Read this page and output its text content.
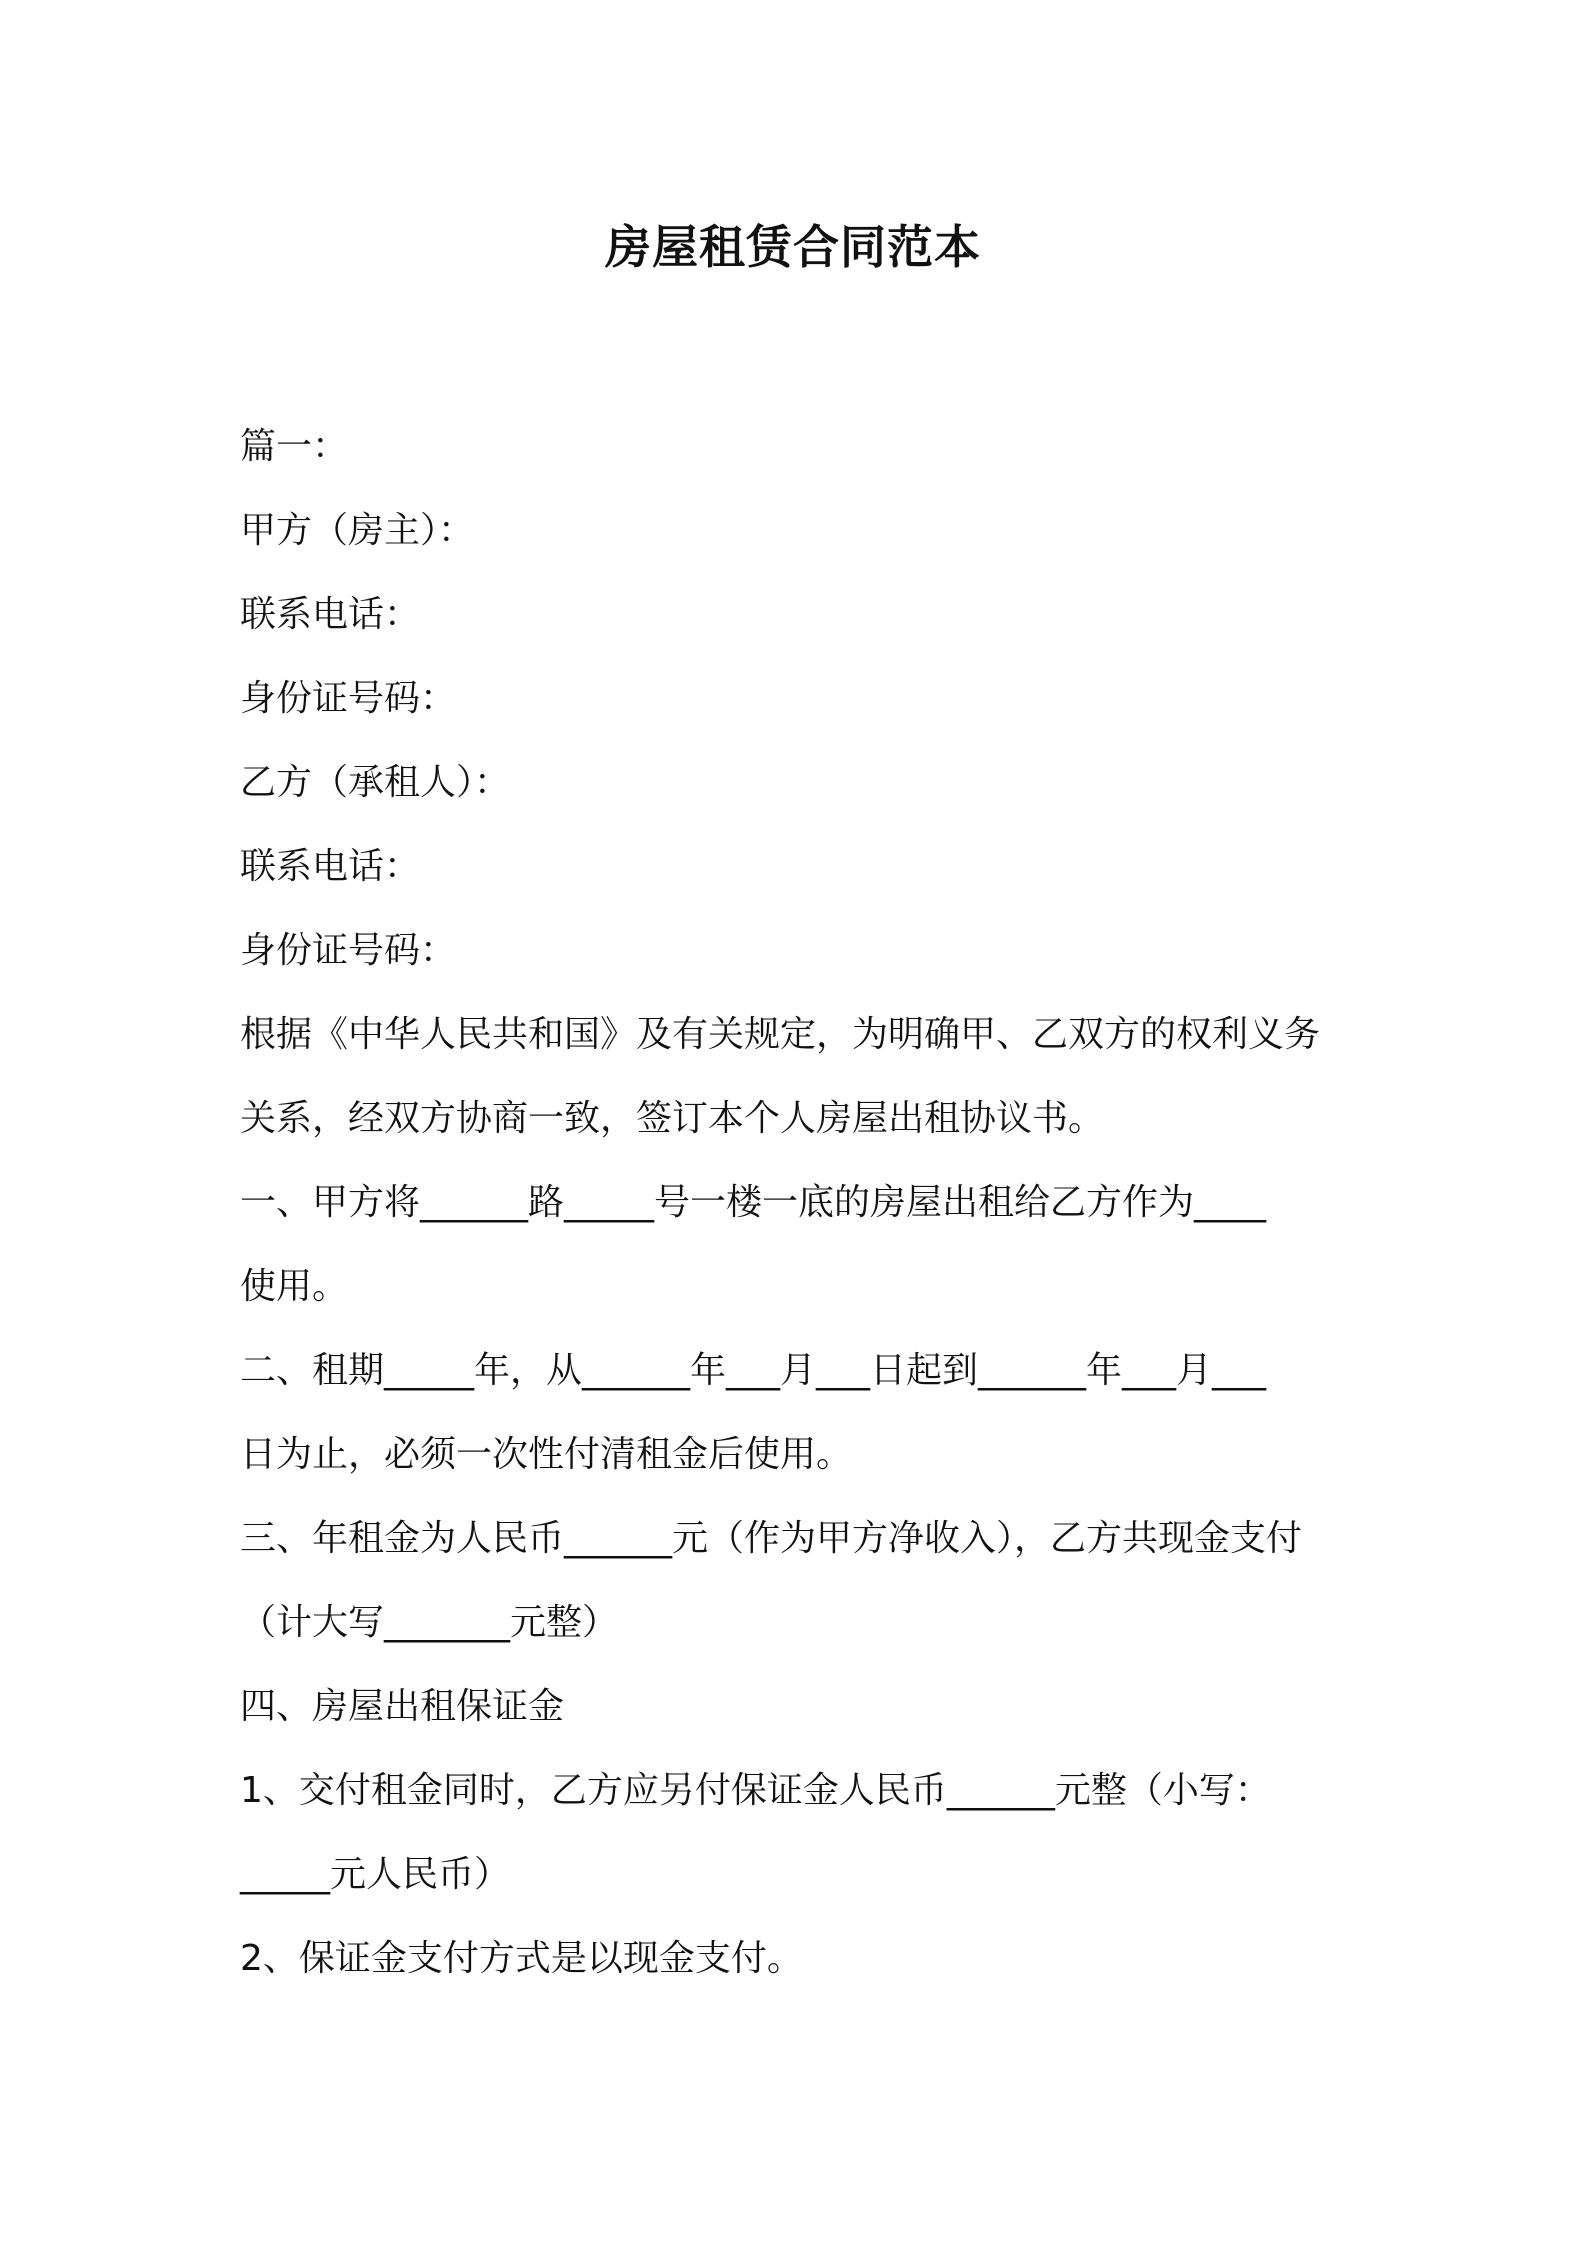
房屋租赁合同范本
篇一：
甲方（房主）：
联系电话：
身份证号码：
乙方（承租人）：
联系电话：
身份证号码：
根据《中华人民共和国》及有关规定，为明确甲、乙双方的权利义务
关系，经双方协商一致，签订本个人房屋出租协议书。
一、甲方将______路_____号一楼一底的房屋出租给乙方作为____
使用。
二、租期_____年，从______年___月___日起到______年___月___
日为止，必须一次性付清租金后使用。
三、年租金为人民币______元（作为甲方净收入），乙方共现金支付
（计大写_______元整）
四、房屋出租保证金
1、交付租金同时，乙方应另付保证金人民币______元整（小写：
_____元人民币）
2、保证金支付方式是以现金支付。
